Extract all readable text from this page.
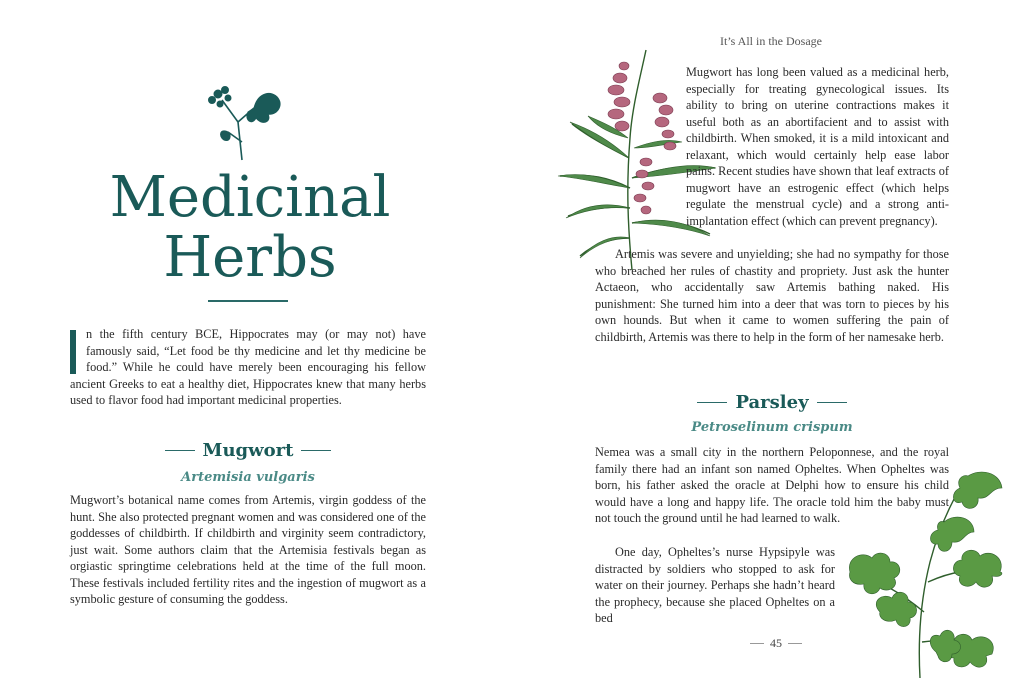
Medicinal
Herbs
n the fifth century BCE, Hippocrates may (or may not) have famously said, “Let food be thy medicine and let thy medicine be food.” While he could have merely been encouraging his fellow ancient Greeks to eat a healthy diet, Hippocrates knew that many herbs used to flavor food had important medicinal properties.
Mugwort
Artemisia vulgaris

Mugwort’s botanical name comes from Artemis, virgin goddess of the hunt. She also protected pregnant women and was considered one of the goddesses of childbirth. If childbirth and virginity seem contradictory, just wait. Some authors claim that the Artemisia festivals began as orgiastic springtime celebrations held at the time of the full moon. These festivals included fertility rites and the ingestion of mugwort as a symbolic gesture of consuming the goddess.

It’s All in the Dosage

Mugwort has long been valued as a medicinal herb, especially for treating gynecological issues. Its ability to bring on uterine contractions makes it useful both as an abortifacient and to assist with childbirth. When smoked, it is a mild intoxicant and relaxant, which would certainly help ease labor pains. Recent studies have shown that leaf extracts of mugwort have an estrogenic effect (which helps regulate the menstrual cycle) and a strong anti-implantation effect (which can prevent pregnancy).

Artemis was severe and unyielding; she had no sympathy for those who breached her rules of chastity and propriety. Just ask the hunter Actaeon, who accidentally saw Artemis bathing naked. His punishment: She turned him into a deer that was torn to pieces by his own hounds. But when it came to women suffering the pain of childbirth, Artemis was there to help in the form of her namesake herb.

Parsley
Petroselinum crispum

Nemea was a small city in the northern Peloponnese, and the royal family there had an infant son named Opheltes. When Opheltes was born, his father asked the oracle at Delphi how to ensure his child would have a long and happy life. The oracle told him the baby must not touch the ground until he had learned to walk.

One day, Opheltes’s nurse Hypsipyle was distracted by soldiers who stopped to ask for water on their journey. Perhaps she hadn’t heard the prophecy, because she placed Opheltes on a bed

45
